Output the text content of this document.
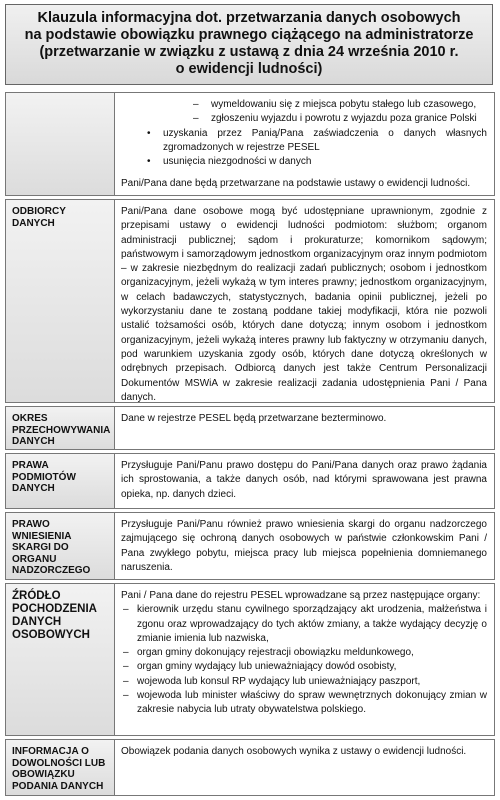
Klauzula informacyjna dot. przetwarzania danych osobowych
na podstawie obowiązku prawnego ciążącego na administratorze
(przetwarzanie w związku z ustawą z dnia 24 września 2010 r.
o ewidencji ludności)
– wymeldowaniu się z miejsca pobytu stałego lub czasowego,
– zgłoszeniu wyjazdu i powrotu z wyjazdu poza granice Polski
• uzyskania przez Panią/Pana zaświadczenia o danych własnych zgromadzonych w rejestrze PESEL
• usunięcia niezgodności w danych

Pani/Pana dane będą przetwarzane na podstawie ustawy o ewidencji ludności.

ODBIORCY DANYCH

Pani/Pana dane osobowe mogą być udostępniane uprawnionym, zgodnie z przepisami ustawy o ewidencji ludności podmiotom: służbom; organom administracji publicznej; sądom i prokuraturze; komornikom sądowym; państwowym i samorządowym jednostkom organizacyjnym oraz innym podmiotom – w zakresie niezbędnym do realizacji zadań publicznych; osobom i jednostkom organizacyjnym, jeżeli wykażą w tym interes prawny; jednostkom organizacyjnym, w celach badawczych, statystycznych, badania opinii publicznej, jeżeli po wykorzystaniu dane te zostaną poddane takiej modyfikacji, która nie pozwoli ustalić tożsamości osób, których dane dotyczą; innym osobom i jednostkom organizacyjnym, jeżeli wykażą interes prawny lub faktyczny w otrzymaniu danych, pod warunkiem uzyskania zgody osób, których dane dotyczą określonych w odrębnych przepisach. Odbiorcą danych jest także Centrum Personalizacji Dokumentów MSWiA w zakresie realizacji zadania udostępnienia Pani / Pana danych.

OKRES PRZECHOWYWANIA DANYCH

Dane w rejestrze PESEL będą przetwarzane bezterminowo.

PRAWA PODMIOTÓW DANYCH

Przysługuje Pani/Panu prawo dostępu do Pani/Pana danych oraz prawo żądania ich sprostowania, a także danych osób, nad którymi sprawowana jest prawna opieka, np. danych dzieci.

PRAWO WNIESIENIA SKARGI DO ORGANU NADZORCZEGO

Przysługuje Pani/Panu również prawo wniesienia skargi do organu nadzorczego zajmującego się ochroną danych osobowych w państwie członkowskim Pani / Pana zwykłego pobytu, miejsca pracy lub miejsca popełnienia domniemanego naruszenia.

ŹRÓDŁO POCHODZENIA DANYCH OSOBOWYCH

Pani / Pana dane do rejestru PESEL wprowadzane są przez następujące organy:

– kierownik urzędu stanu cywilnego sporządzający akt urodzenia, małżeństwa i zgonu oraz wprowadzający do tych aktów zmiany, a także wydający decyzję o zmianie imienia lub nazwiska,
– organ gminy dokonujący rejestracji obowiązku meldunkowego,
– organ gminy wydający lub unieważniający dowód osobisty,
– wojewoda lub konsul RP wydający lub unieważniający paszport,
– wojewoda lub minister właściwy do spraw wewnętrznych dokonujący zmian w zakresie nabycia lub utraty obywatelstwa polskiego.
INFORMACJA O DOWOLNOŚCI LUB OBOWIĄZKU PODANIA DANYCH

Obowiązek podania danych osobowych wynika z ustawy o ewidencji ludności.
